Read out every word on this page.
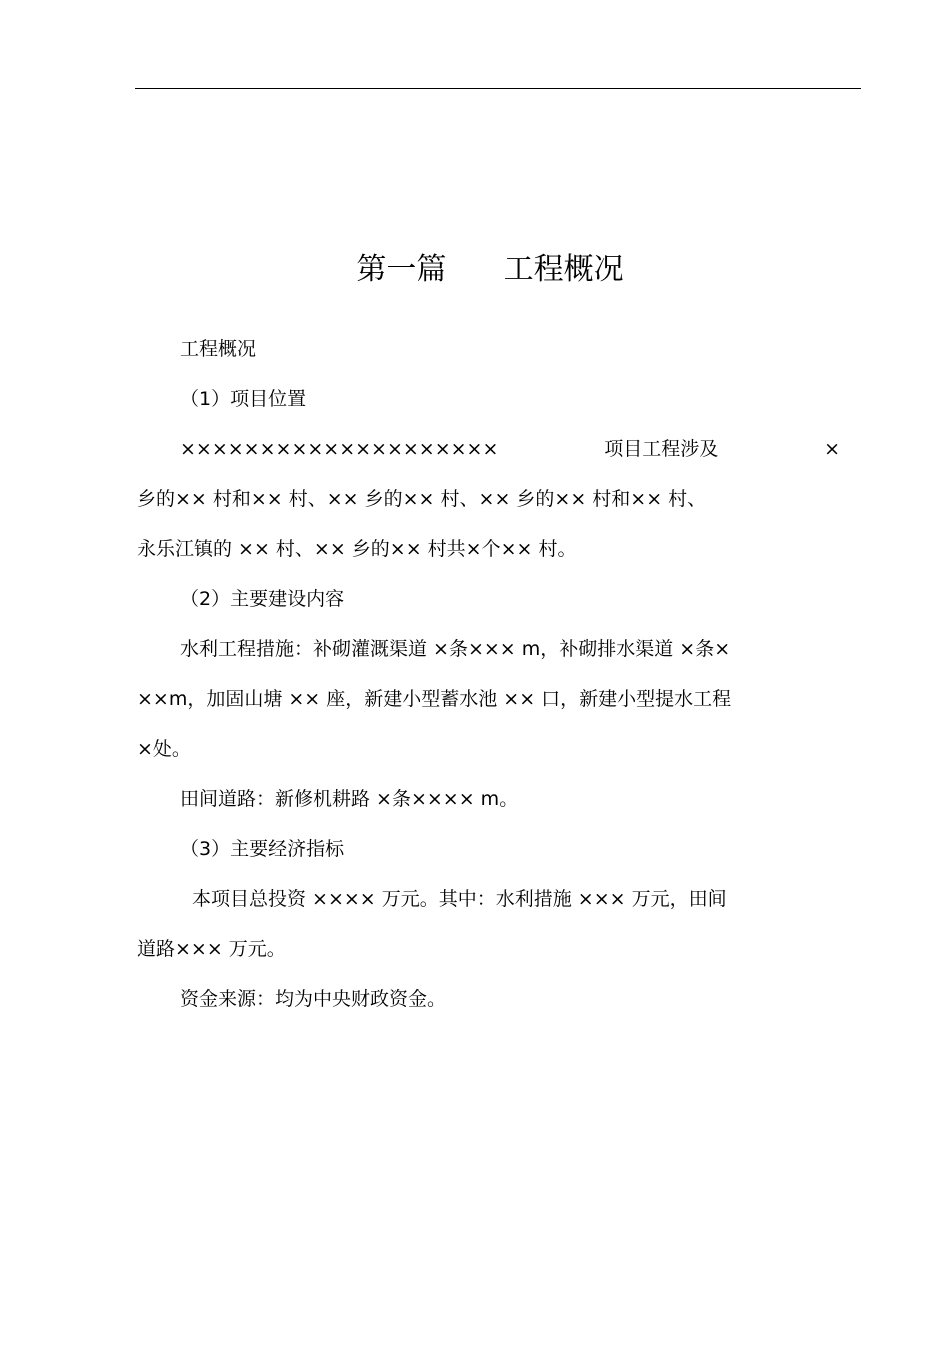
第一篇      工程概况

工程概况

（1）项目位置

××××××××××××××××××××	项目工程涉及	×

乡的×× 村和×× 村、×× 乡的×× 村、×× 乡的×× 村和×× 村、

永乐江镇的 ×× 村、×× 乡的×× 村共×个×× 村。

（2）主要建设内容

水利工程措施：补砌灌溉渠道 ×条××× m，补砌排水渠道 ×条×

××m，加固山塘 ×× 座，新建小型蓄水池 ×× 口，新建小型提水工程

×处。

田间道路：新修机耕路 ×条×××× m。

（3）主要经济指标

本项目总投资 ×××× 万元。其中：水利措施 ××× 万元，田间

道路××× 万元。

资金来源：均为中央财政资金。
